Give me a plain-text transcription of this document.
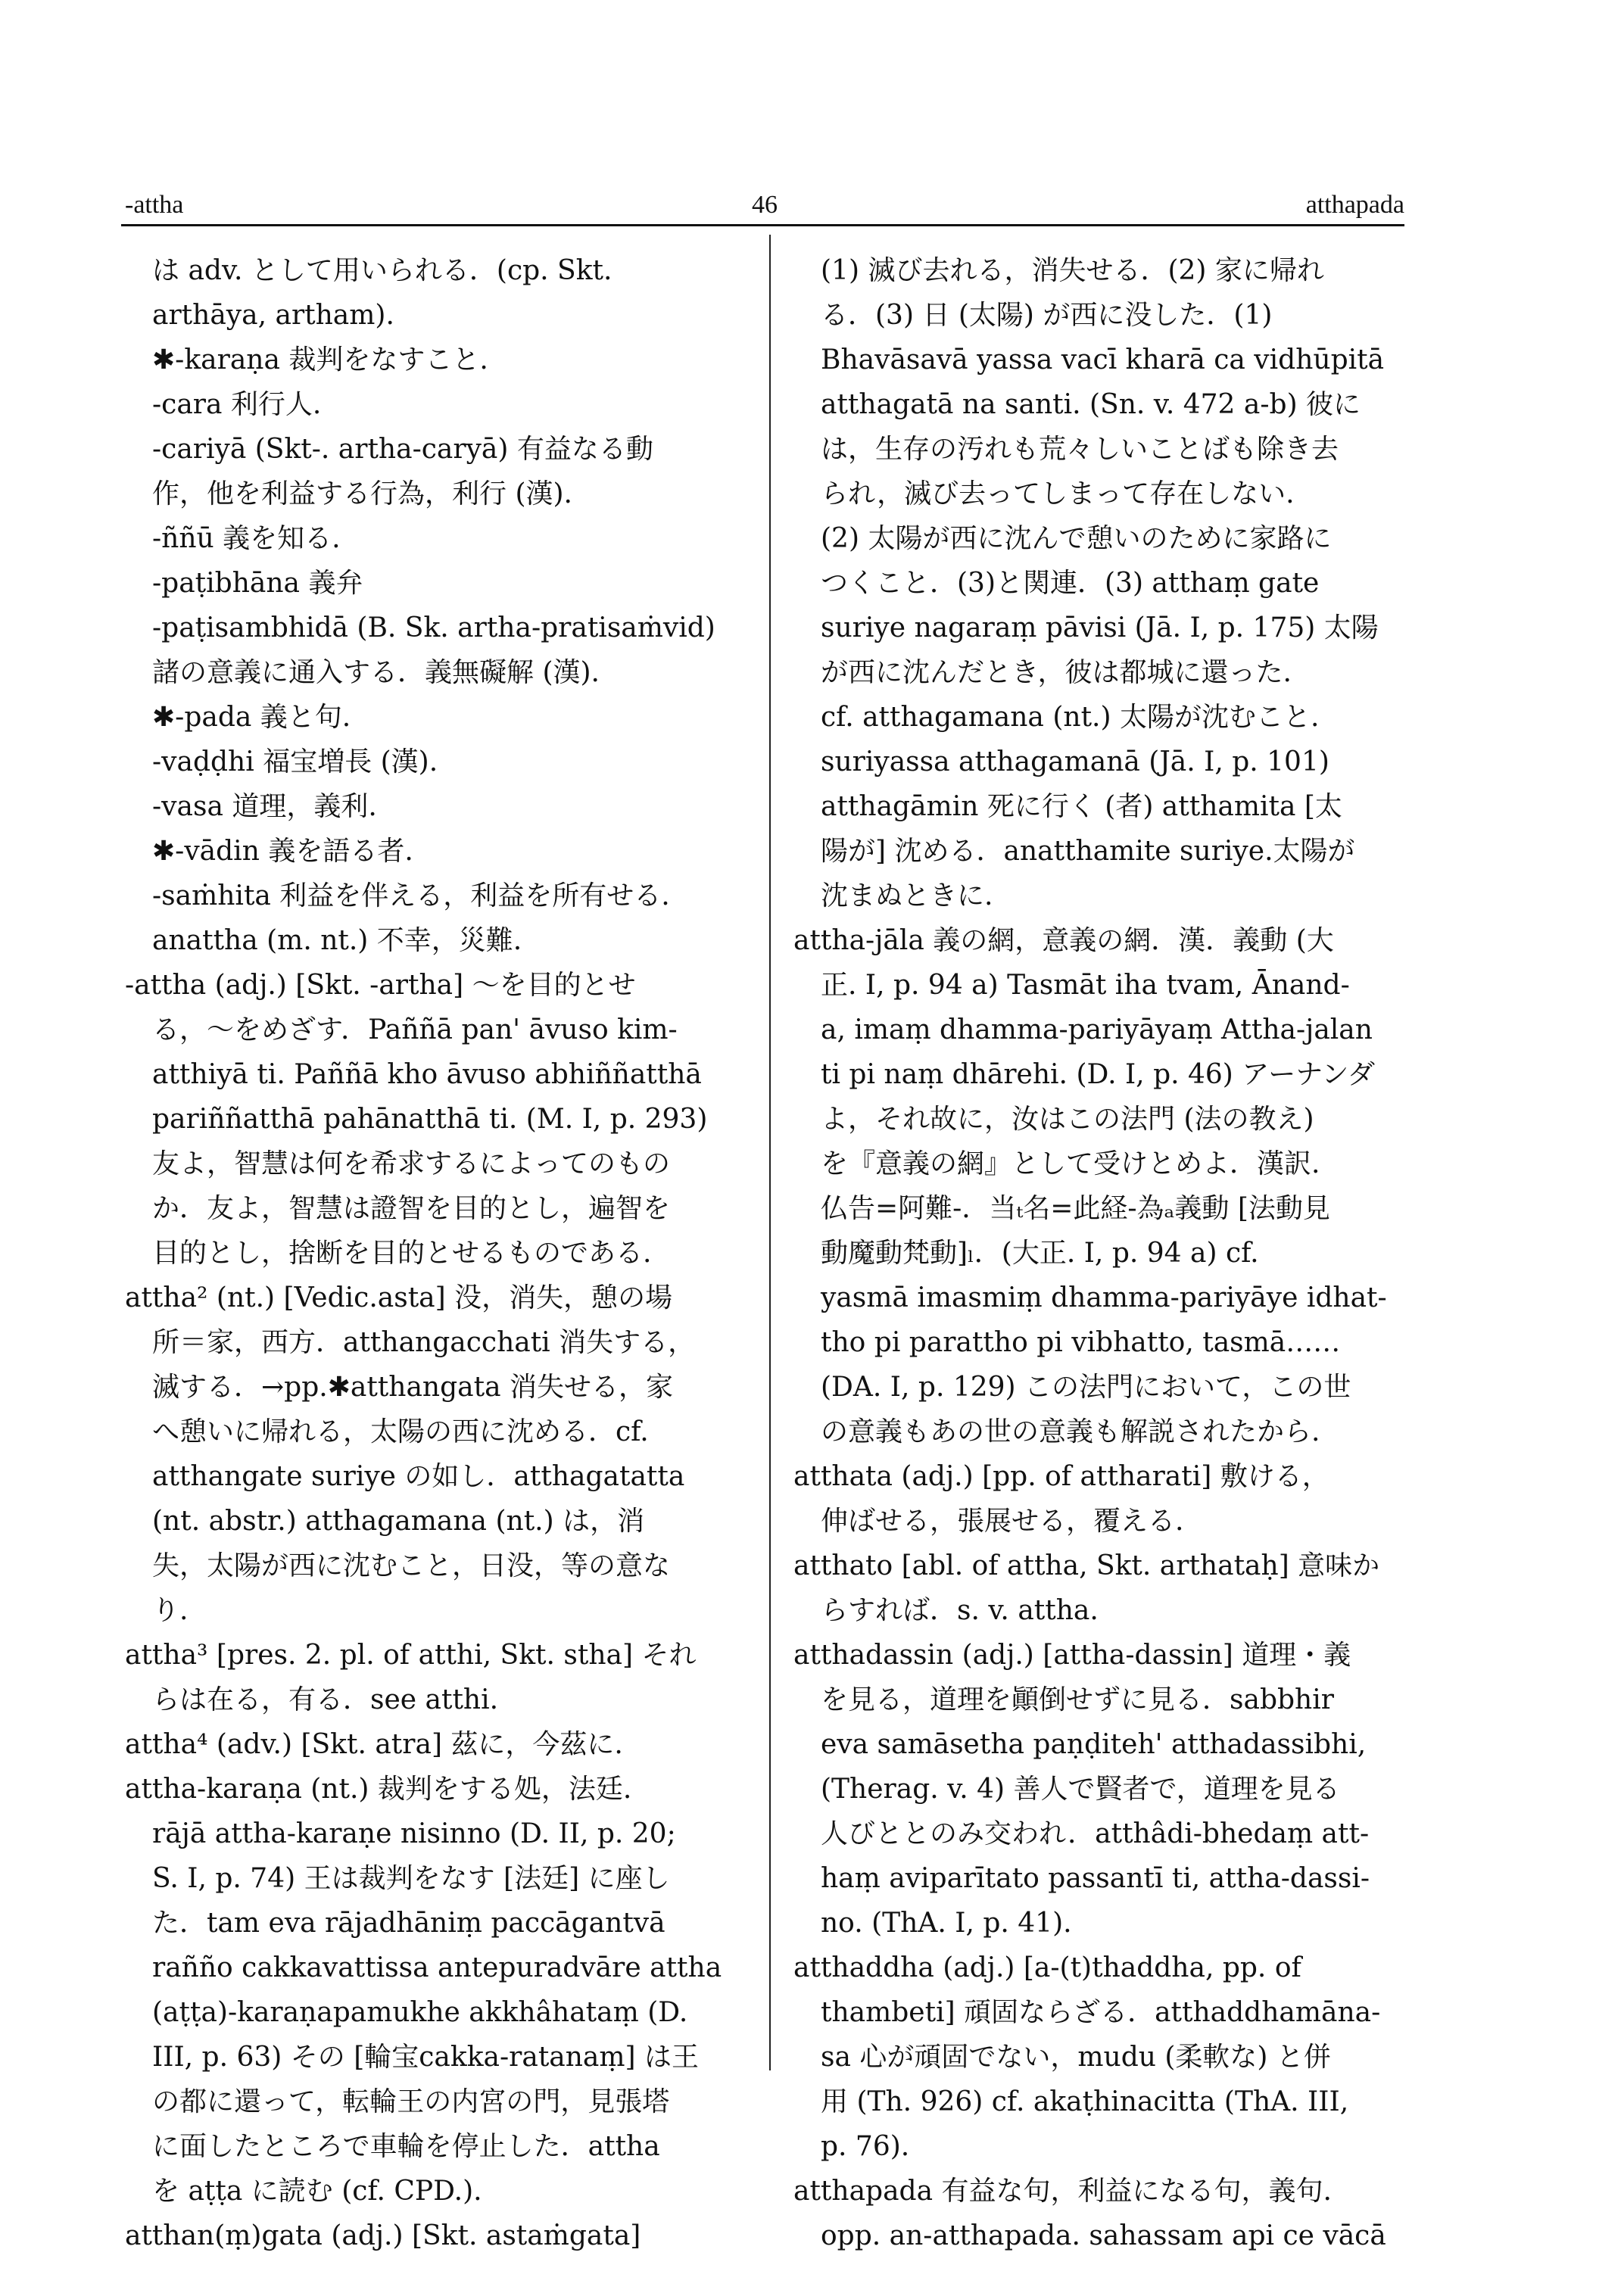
-attha	46	atthapada
は adv. として用いられる．(cp. Skt.
arthāya, artham).
✱-karaṇa 裁判をなすこと.
-cara 利行人.
-cariyā (Skt-. artha-caryā) 有益なる動
作，他を利益する行為，利行 (漢).
-ññū 義を知る.
-paṭibhāna 義弁
-paṭisambhidā (B. Sk. artha-pratisaṁvid)
諸の意義に通入する．義無礙解 (漢).
✱-pada 義と句.
-vaḍḍhi 福宝増長 (漢).
-vasa 道理，義利.
✱-vādin 義を語る者.
-saṁhita 利益を伴える，利益を所有せる.
anattha (m. nt.) 不幸，災難.
-attha (adj.) [Skt. -artha] ～を目的とせ
る，～をめざす．Paññā pan' āvuso kim-
atthiyā ti. Paññā kho āvuso abhiññatthā
pariññatthā pahānatthā ti. (M. I, p. 293)
友よ，智慧は何を希求するによってのもの
か．友よ，智慧は證智を目的とし，遍智を
目的とし，捨断を目的とせるものである.
attha² (nt.) [Vedic.asta] 没，消失，憩の場
所＝家，西方．atthangacchati 消失する，
滅する．→pp.✱atthangata 消失せる，家
へ憩いに帰れる，太陽の西に沈める．cf.
atthangate suriye の如し．atthagatatta
(nt. abstr.) atthagamana (nt.) は，消
失，太陽が西に沈むこと，日没，等の意な
り.
attha³ [pres. 2. pl. of atthi, Skt. stha] それ
らは在る，有る．see atthi.
attha⁴ (adv.) [Skt. atra] 茲に，今茲に.
attha-karaṇa (nt.) 裁判をする処，法廷.
rājā attha-karaṇe nisinno (D. II, p. 20;
S. I, p. 74) 王は裁判をなす [法廷] に座し
た．tam eva rājadhāniṃ paccāgantvā
rañño cakkavattissa antepuradvāre attha
(aṭṭa)-karaṇapamukhe akkhâhataṃ (D.
III, p. 63) その [輪宝cakka-ratanaṃ] は王
の都に還って，転輪王の内宮の門，見張塔
に面したところで車輪を停止した．attha
を aṭṭa に読む (cf. CPD.).
atthan(ṃ)gata (adj.) [Skt. astaṁgata]
(1) 滅び去れる，消失せる．(2) 家に帰れ
る．(3) 日 (太陽) が西に没した．(1)
Bhavāsavā yassa vacī kharā ca vidhūpitā
atthagatā na santi. (Sn. v. 472 a-b) 彼に
は，生存の汚れも荒々しいことばも除き去
られ，滅び去ってしまって存在しない.
(2) 太陽が西に沈んで憩いのために家路に
つくこと．(3)と関連．(3) atthaṃ gate
suriye nagaraṃ pāvisi (Jā. I, p. 175) 太陽
が西に沈んだとき，彼は都城に還った.
cf. atthagamana (nt.) 太陽が沈むこと.
suriyassa atthagamanā (Jā. I, p. 101)
atthagāmin 死に行く (者) atthamita [太
陽が] 沈める．anatthamite suriye.太陽が
沈まぬときに.
attha-jāla 義の網，意義の網．漢．義動 (大
正. I, p. 94 a) Tasmāt iha tvam, Ānand-
a, imaṃ dhamma-pariyāyaṃ Attha-jalan
ti pi naṃ dhārehi. (D. I, p. 46) アーナンダ
よ，それ故に，汝はこの法門 (法の教え)
を『意義の網』として受けとめよ．漢訳.
仏告=阿難-．当ₜ名=此経-為ₐ義動 [法動見
動魔動梵動]ₗ．(大正. I, p. 94 a) cf.
yasmā imasmiṃ dhamma-pariyāye idhat-
tho pi parattho pi vibhatto, tasmā……
(DA. I, p. 129) この法門において，この世
の意義もあの世の意義も解説されたから.
atthata (adj.) [pp. of attharati] 敷ける，
伸ばせる，張展せる，覆える.
atthato [abl. of attha, Skt. arthataḥ] 意味か
らすれば．s. v. attha.
atthadassin (adj.) [attha-dassin] 道理・義
を見る，道理を顚倒せずに見る．sabbhir
eva samāsetha paṇḍiteh' atthadassibhi,
(Therag. v. 4) 善人で賢者で，道理を見る
人びととのみ交われ．atthâdi-bhedaṃ att-
haṃ aviparītato passantī ti, attha-dassi-
no. (ThA. I, p. 41).
atthaddha (adj.) [a-(t)thaddha, pp. of
thambeti] 頑固ならざる．atthaddhamāna-
sa 心が頑固でない，mudu (柔軟な) と併
用 (Th. 926) cf. akaṭhinacitta (ThA. III,
p. 76).
atthapada 有益な句，利益になる句，義句.
opp. an-atthapada. sahassam api ce vācā
